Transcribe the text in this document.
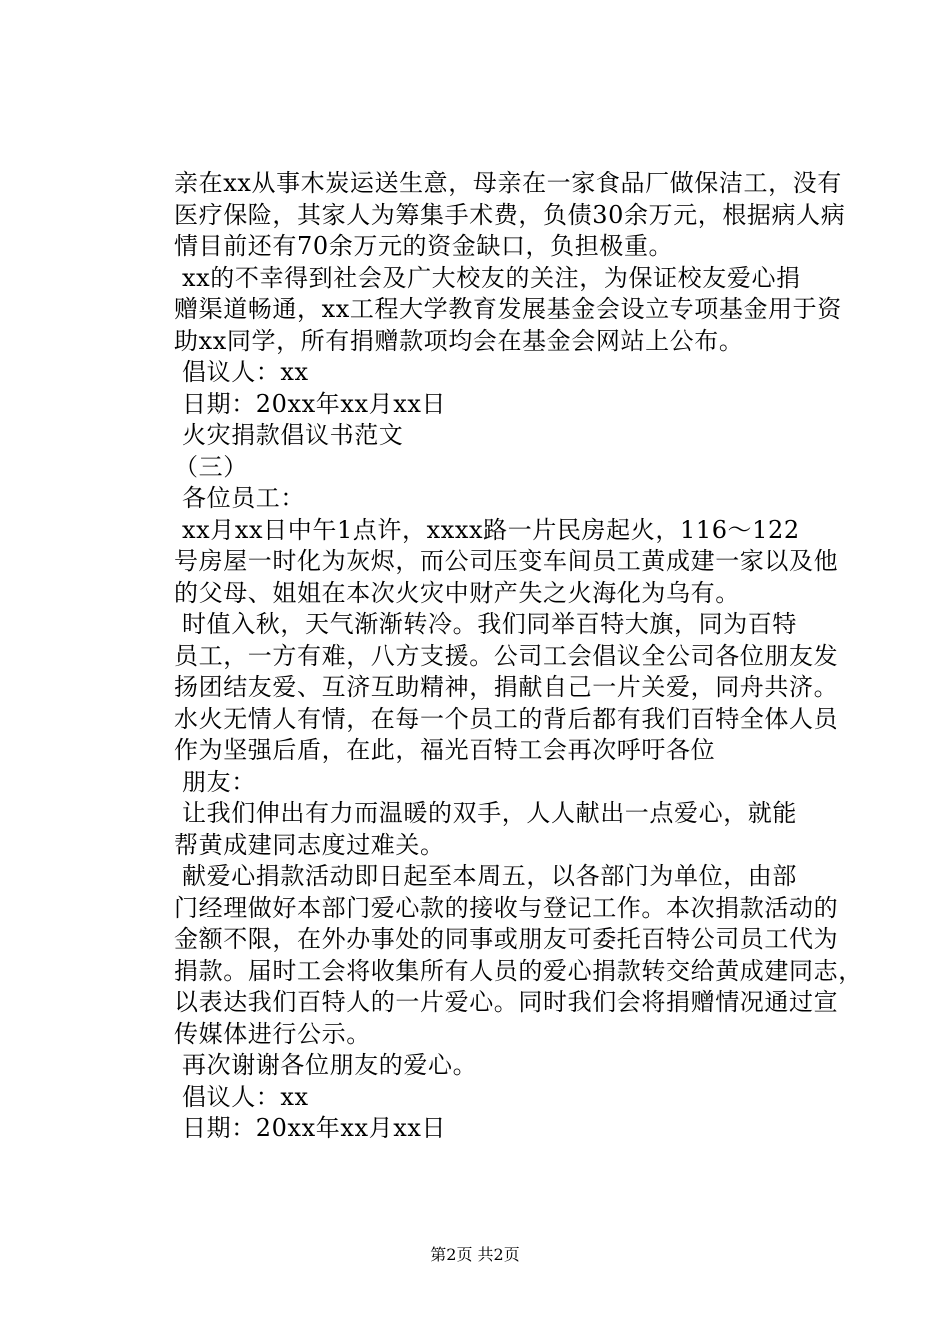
亲在xx从事木炭运送生意，母亲在一家食品厂做保洁工，没有
医疗保险，其家人为筹集手术费，负债30余万元，根据病人病
情目前还有70余万元的资金缺口，负担极重。
xx的不幸得到社会及广大校友的关注，为保证校友爱心捐
赠渠道畅通，xx工程大学教育发展基金会设立专项基金用于资
助xx同学，所有捐赠款项均会在基金会网站上公布。
倡议人：xx
日期：20xx年xx月xx日
火灾捐款倡议书范文
（三）
各位员工：
xx月xx日中午1点许，xxxx路一片民房起火，116～122
号房屋一时化为灰烬，而公司压变车间员工黄成建一家以及他
的父母、姐姐在本次火灾中财产失之火海化为乌有。
时值入秋，天气渐渐转冷。我们同举百特大旗，同为百特
员工，一方有难，八方支援。公司工会倡议全公司各位朋友发
扬团结友爱、互济互助精神，捐献自己一片关爱，同舟共济。
水火无情人有情，在每一个员工的背后都有我们百特全体人员
作为坚强后盾，在此，福光百特工会再次呼吁各位
朋友：
让我们伸出有力而温暖的双手，人人献出一点爱心，就能
帮黄成建同志度过难关。
献爱心捐款活动即日起至本周五，以各部门为单位，由部
门经理做好本部门爱心款的接收与登记工作。本次捐款活动的
金额不限，在外办事处的同事或朋友可委托百特公司员工代为
捐款。届时工会将收集所有人员的爱心捐款转交给黄成建同志，
以表达我们百特人的一片爱心。同时我们会将捐赠情况通过宣
传媒体进行公示。
再次谢谢各位朋友的爱心。
倡议人：xx
日期：20xx年xx月xx日
第2页 共2页
